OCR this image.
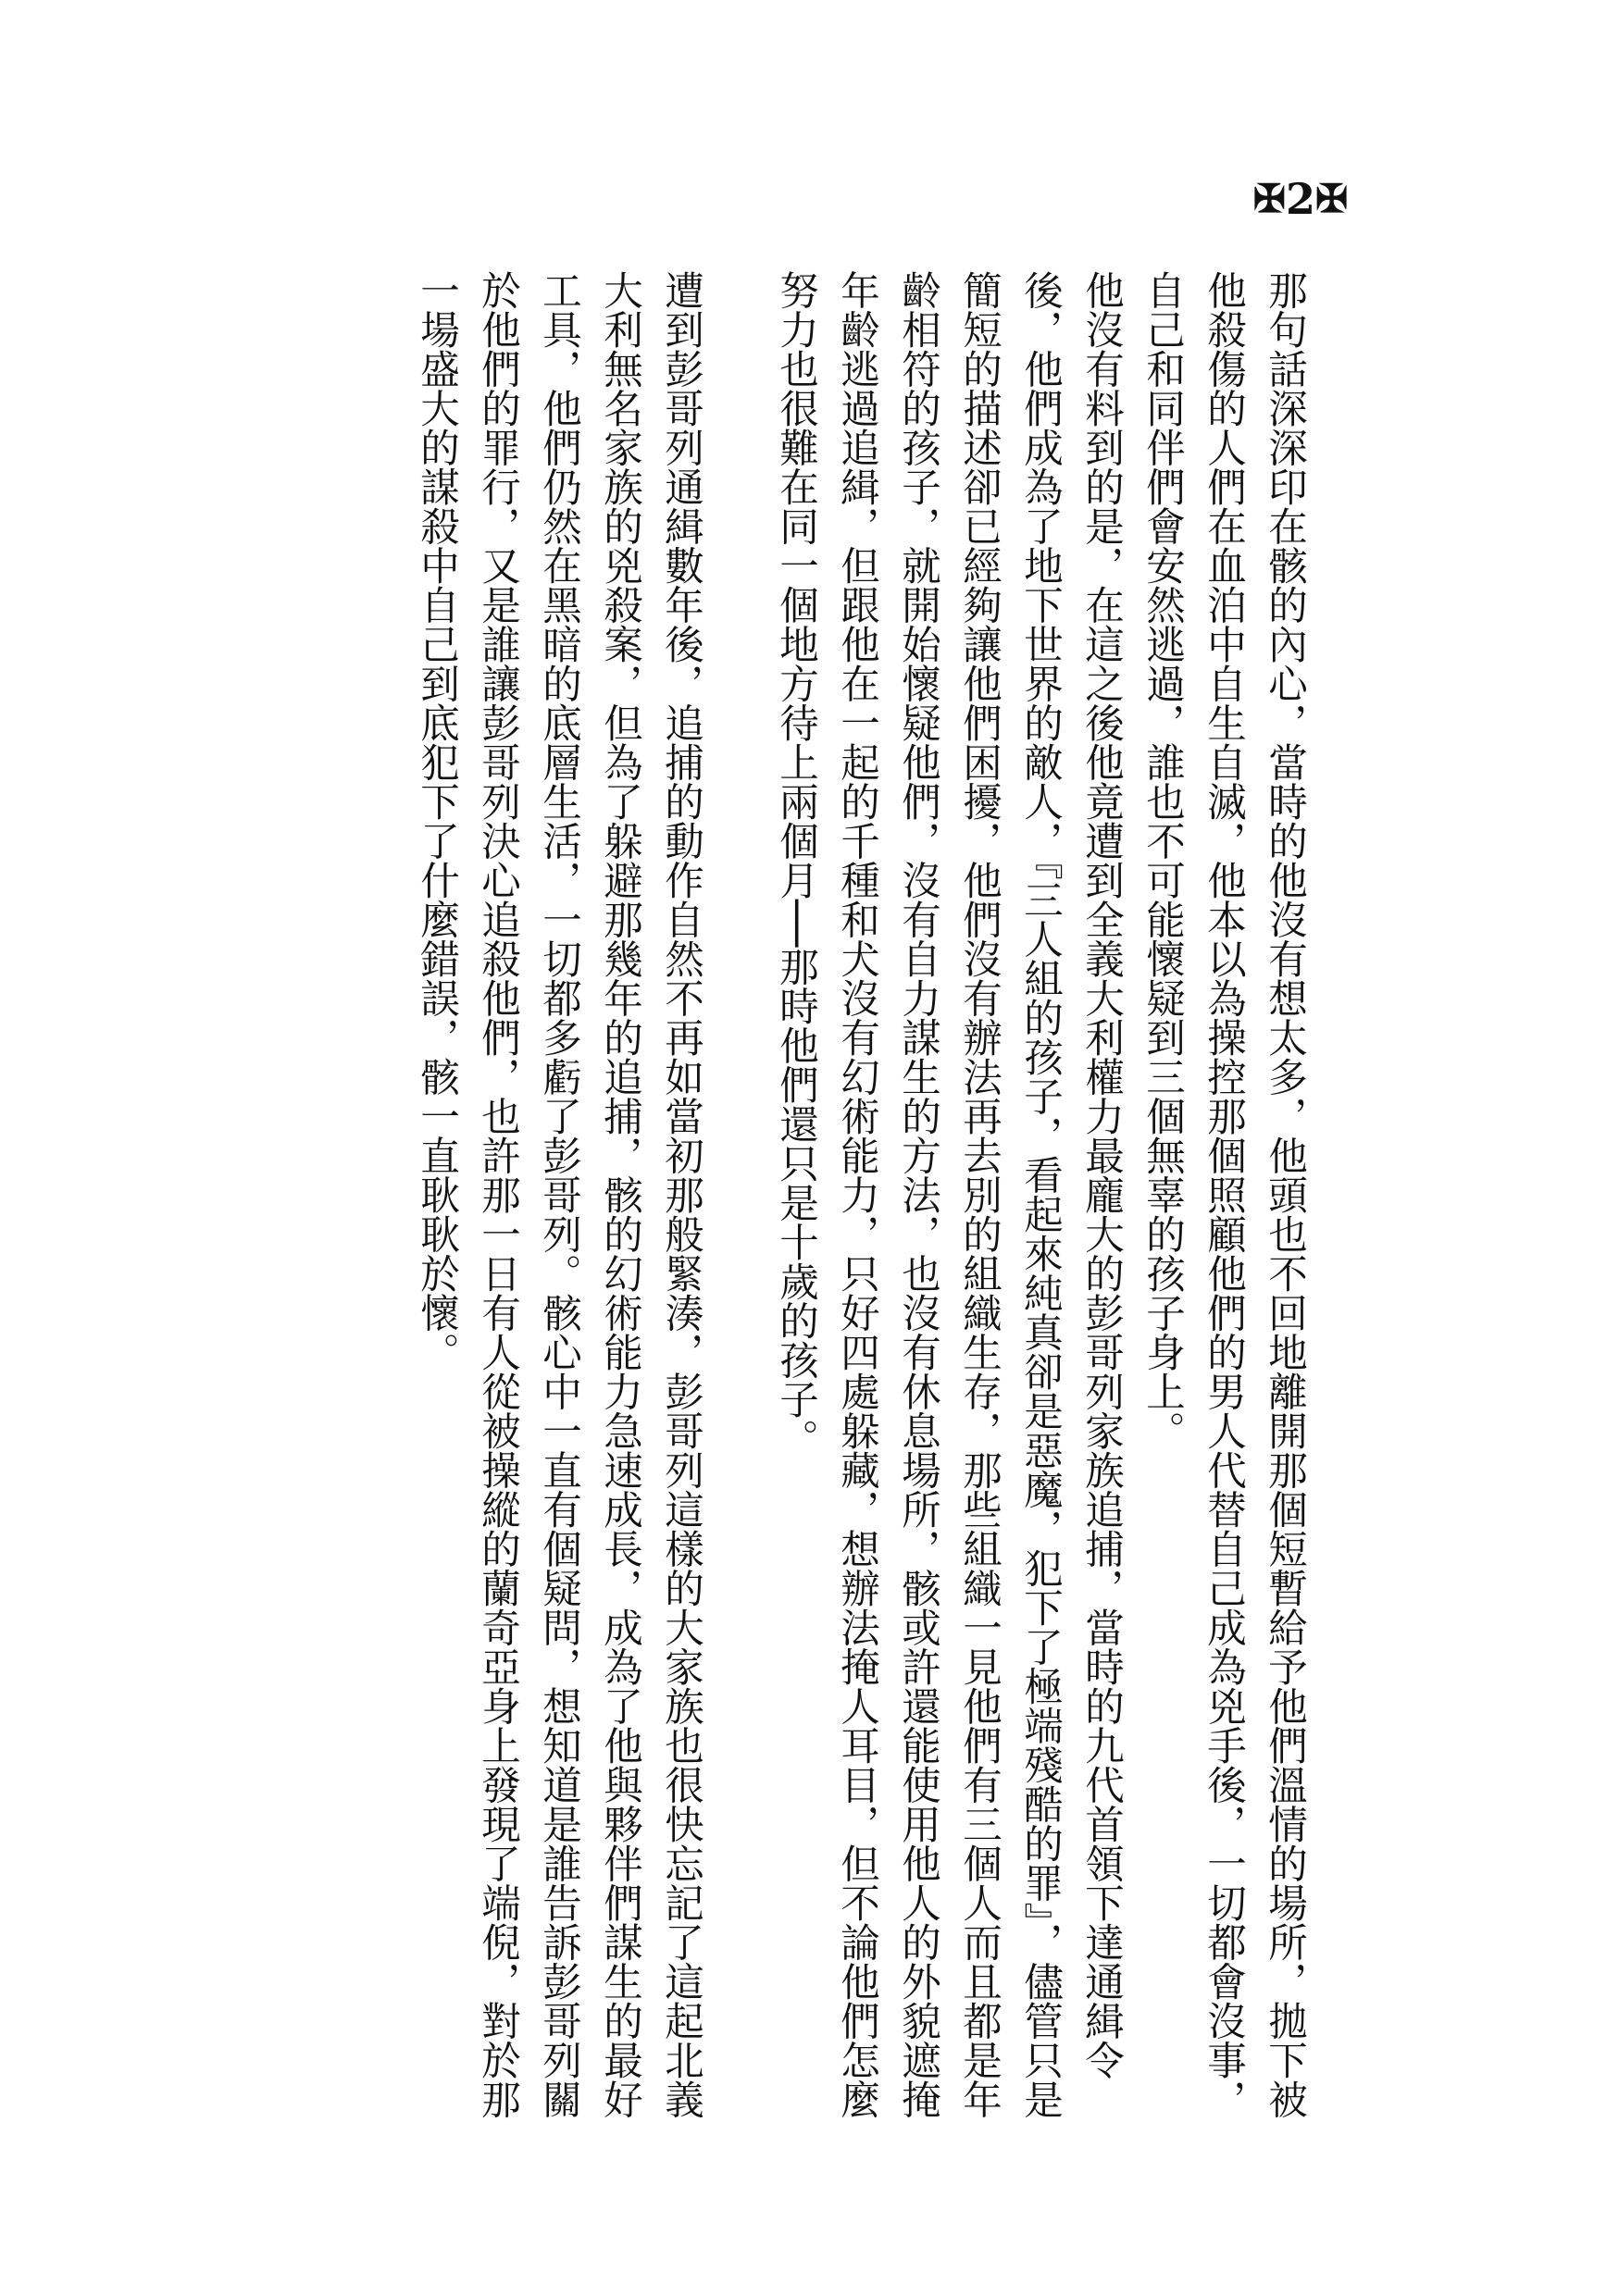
✠ 2 ✠

那句話深深印在骸的內心，當時的他沒有想太多，他頭也不回地離開那個短暫給予他們溫情的場所，拋下被他殺傷的人們在血泊中自生自滅，他本以為操控那個照顧他們的男人代替自己成為兇手後，一切都會沒事，自己和同伴們會安然逃過，誰也不可能懷疑到三個無辜的孩子身上。

他沒有料到的是，在這之後他竟遭到全義大利權力最龐大的彭哥列家族追捕，當時的九代首領下達通緝令後，他們成為了地下世界的敵人，『三人組的孩子，看起來純真卻是惡魔，犯下了極端殘酷的罪』，儘管只是簡短的描述卻已經夠讓他們困擾，他們沒有辦法再去別的組織生存，那些組織一見他們有三個人而且都是年齡相符的孩子，就開始懷疑他們，沒有自力謀生的方法，也沒有休息場所，骸或許還能使用他人的外貌遮掩年齡逃過追緝，但跟他在一起的千種和犬沒有幻術能力，只好四處躲藏，想辦法掩人耳目，但不論他們怎麼努力也很難在同一個地方待上兩個月──那時他們還只是十歲的孩子。

遭到彭哥列通緝數年後，追捕的動作自然不再如當初那般緊湊，彭哥列這樣的大家族也很快忘記了這起北義大利無名家族的兇殺案，但為了躲避那幾年的追捕，骸的幻術能力急速成長，成為了他與夥伴們謀生的最好工具，他們仍然在黑暗的底層生活，一切都多虧了彭哥列。骸心中一直有個疑問，想知道是誰告訴彭哥列關於他們的罪行，又是誰讓彭哥列決心追殺他們，也許那一日有人從被操縱的蘭奇亞身上發現了端倪，對於那一場盛大的謀殺中自己到底犯下了什麼錯誤，骸一直耿耿於懷。
